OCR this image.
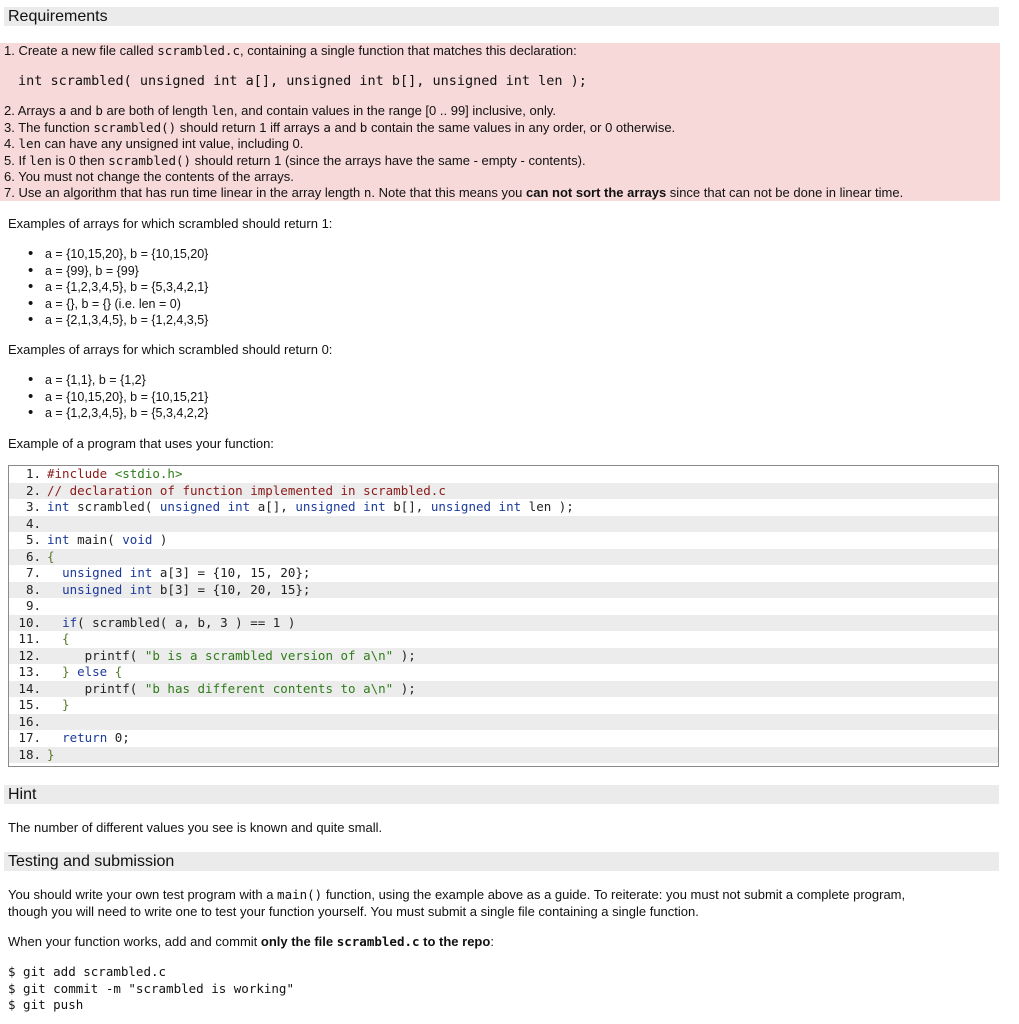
Requirements
1. Create a new file called scrambled.c, containing a single function that matches this declaration:
int scrambled( unsigned int a[], unsigned int b[], unsigned int len );
2. Arrays a and b are both of length len, and contain values in the range [0 .. 99] inclusive, only.
3. The function scrambled() should return 1 iff arrays a and b contain the same values in any order, or 0 otherwise.
4. len can have any unsigned int value, including 0.
5. If len is 0 then scrambled() should return 1 (since the arrays have the same - empty - contents).
6. You must not change the contents of the arrays.
7. Use an algorithm that has run time linear in the array length n. Note that this means you can not sort the arrays since that can not be done in linear time.
Examples of arrays for which scrambled should return 1:
• a = {10,15,20}, b = {10,15,20}
• a = {99}, b = {99}
• a = {1,2,3,4,5}, b = {5,3,4,2,1}
• a = {}, b = {} (i.e. len = 0)
• a = {2,1,3,4,5}, b = {1,2,4,3,5}
Examples of arrays for which scrambled should return 0:
• a = {1,1}, b = {1,2}
• a = {10,15,20}, b = {10,15,21}
• a = {1,2,3,4,5}, b = {5,3,4,2,2}
Example of a program that uses your function:
1. #include <stdio.h>
2. // declaration of function implemented in scrambled.c
3. int scrambled( unsigned int a[], unsigned int b[], unsigned int len );
4.
5. int main( void )
6. {
7. unsigned int a[3] = {10, 15, 20};
8. unsigned int b[3] = {10, 20, 15};
9.
10. if( scrambled( a, b, 3 ) == 1 )
11.  {
12.     printf( "b is a scrambled version of a\n" );
13.  } else {
14.     printf( "b has different contents to a\n" );
15.  }
16.
17. return 0;
18. }
Hint
The number of different values you see is known and quite small.
Testing and submission
You should write your own test program with a main() function, using the example above as a guide. To reiterate: you must not submit a complete program,
though you will need to write one to test your function yourself. You must submit a single file containing a single function.
When your function works, add and commit only the file scrambled.c to the repo:
$ git add scrambled.c
$ git commit -m "scrambled is working"
$ git push
